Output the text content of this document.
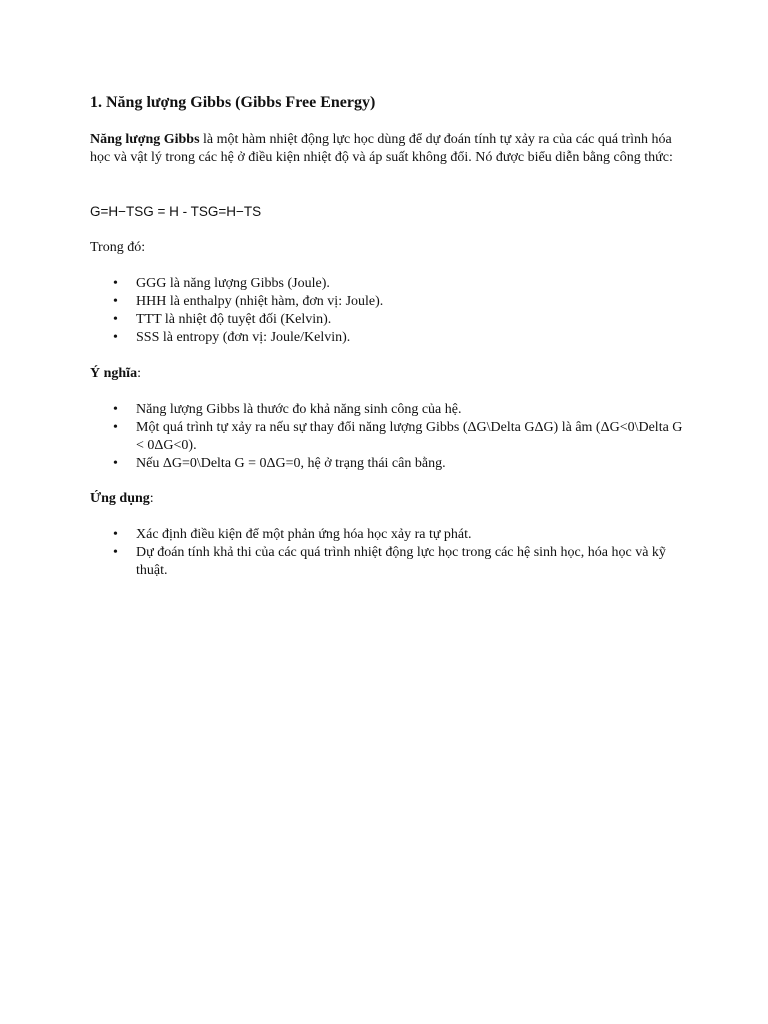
1. Năng lượng Gibbs (Gibbs Free Energy)

Năng lượng Gibbs là một hàm nhiệt động lực học dùng để dự đoán tính tự xảy ra của các quá trình hóa học và vật lý trong các hệ ở điều kiện nhiệt độ và áp suất không đổi. Nó được biểu diễn bằng công thức:

G=H−TSG = H - TSG=H−TS

Trong đó:

• GGG là năng lượng Gibbs (Joule).
• HHH là enthalpy (nhiệt hàm, đơn vị: Joule).
• TTT là nhiệt độ tuyệt đối (Kelvin).
• SSS là entropy (đơn vị: Joule/Kelvin).

Ý nghĩa:

• Năng lượng Gibbs là thước đo khả năng sinh công của hệ.
• Một quá trình tự xảy ra nếu sự thay đổi năng lượng Gibbs (ΔG\Delta GΔG) là âm (ΔG<0\Delta G < 0ΔG<0).
• Nếu ΔG=0\Delta G = 0ΔG=0, hệ ở trạng thái cân bằng.

Ứng dụng:

• Xác định điều kiện để một phản ứng hóa học xảy ra tự phát.
• Dự đoán tính khả thi của các quá trình nhiệt động lực học trong các hệ sinh học, hóa học và kỹ thuật.
